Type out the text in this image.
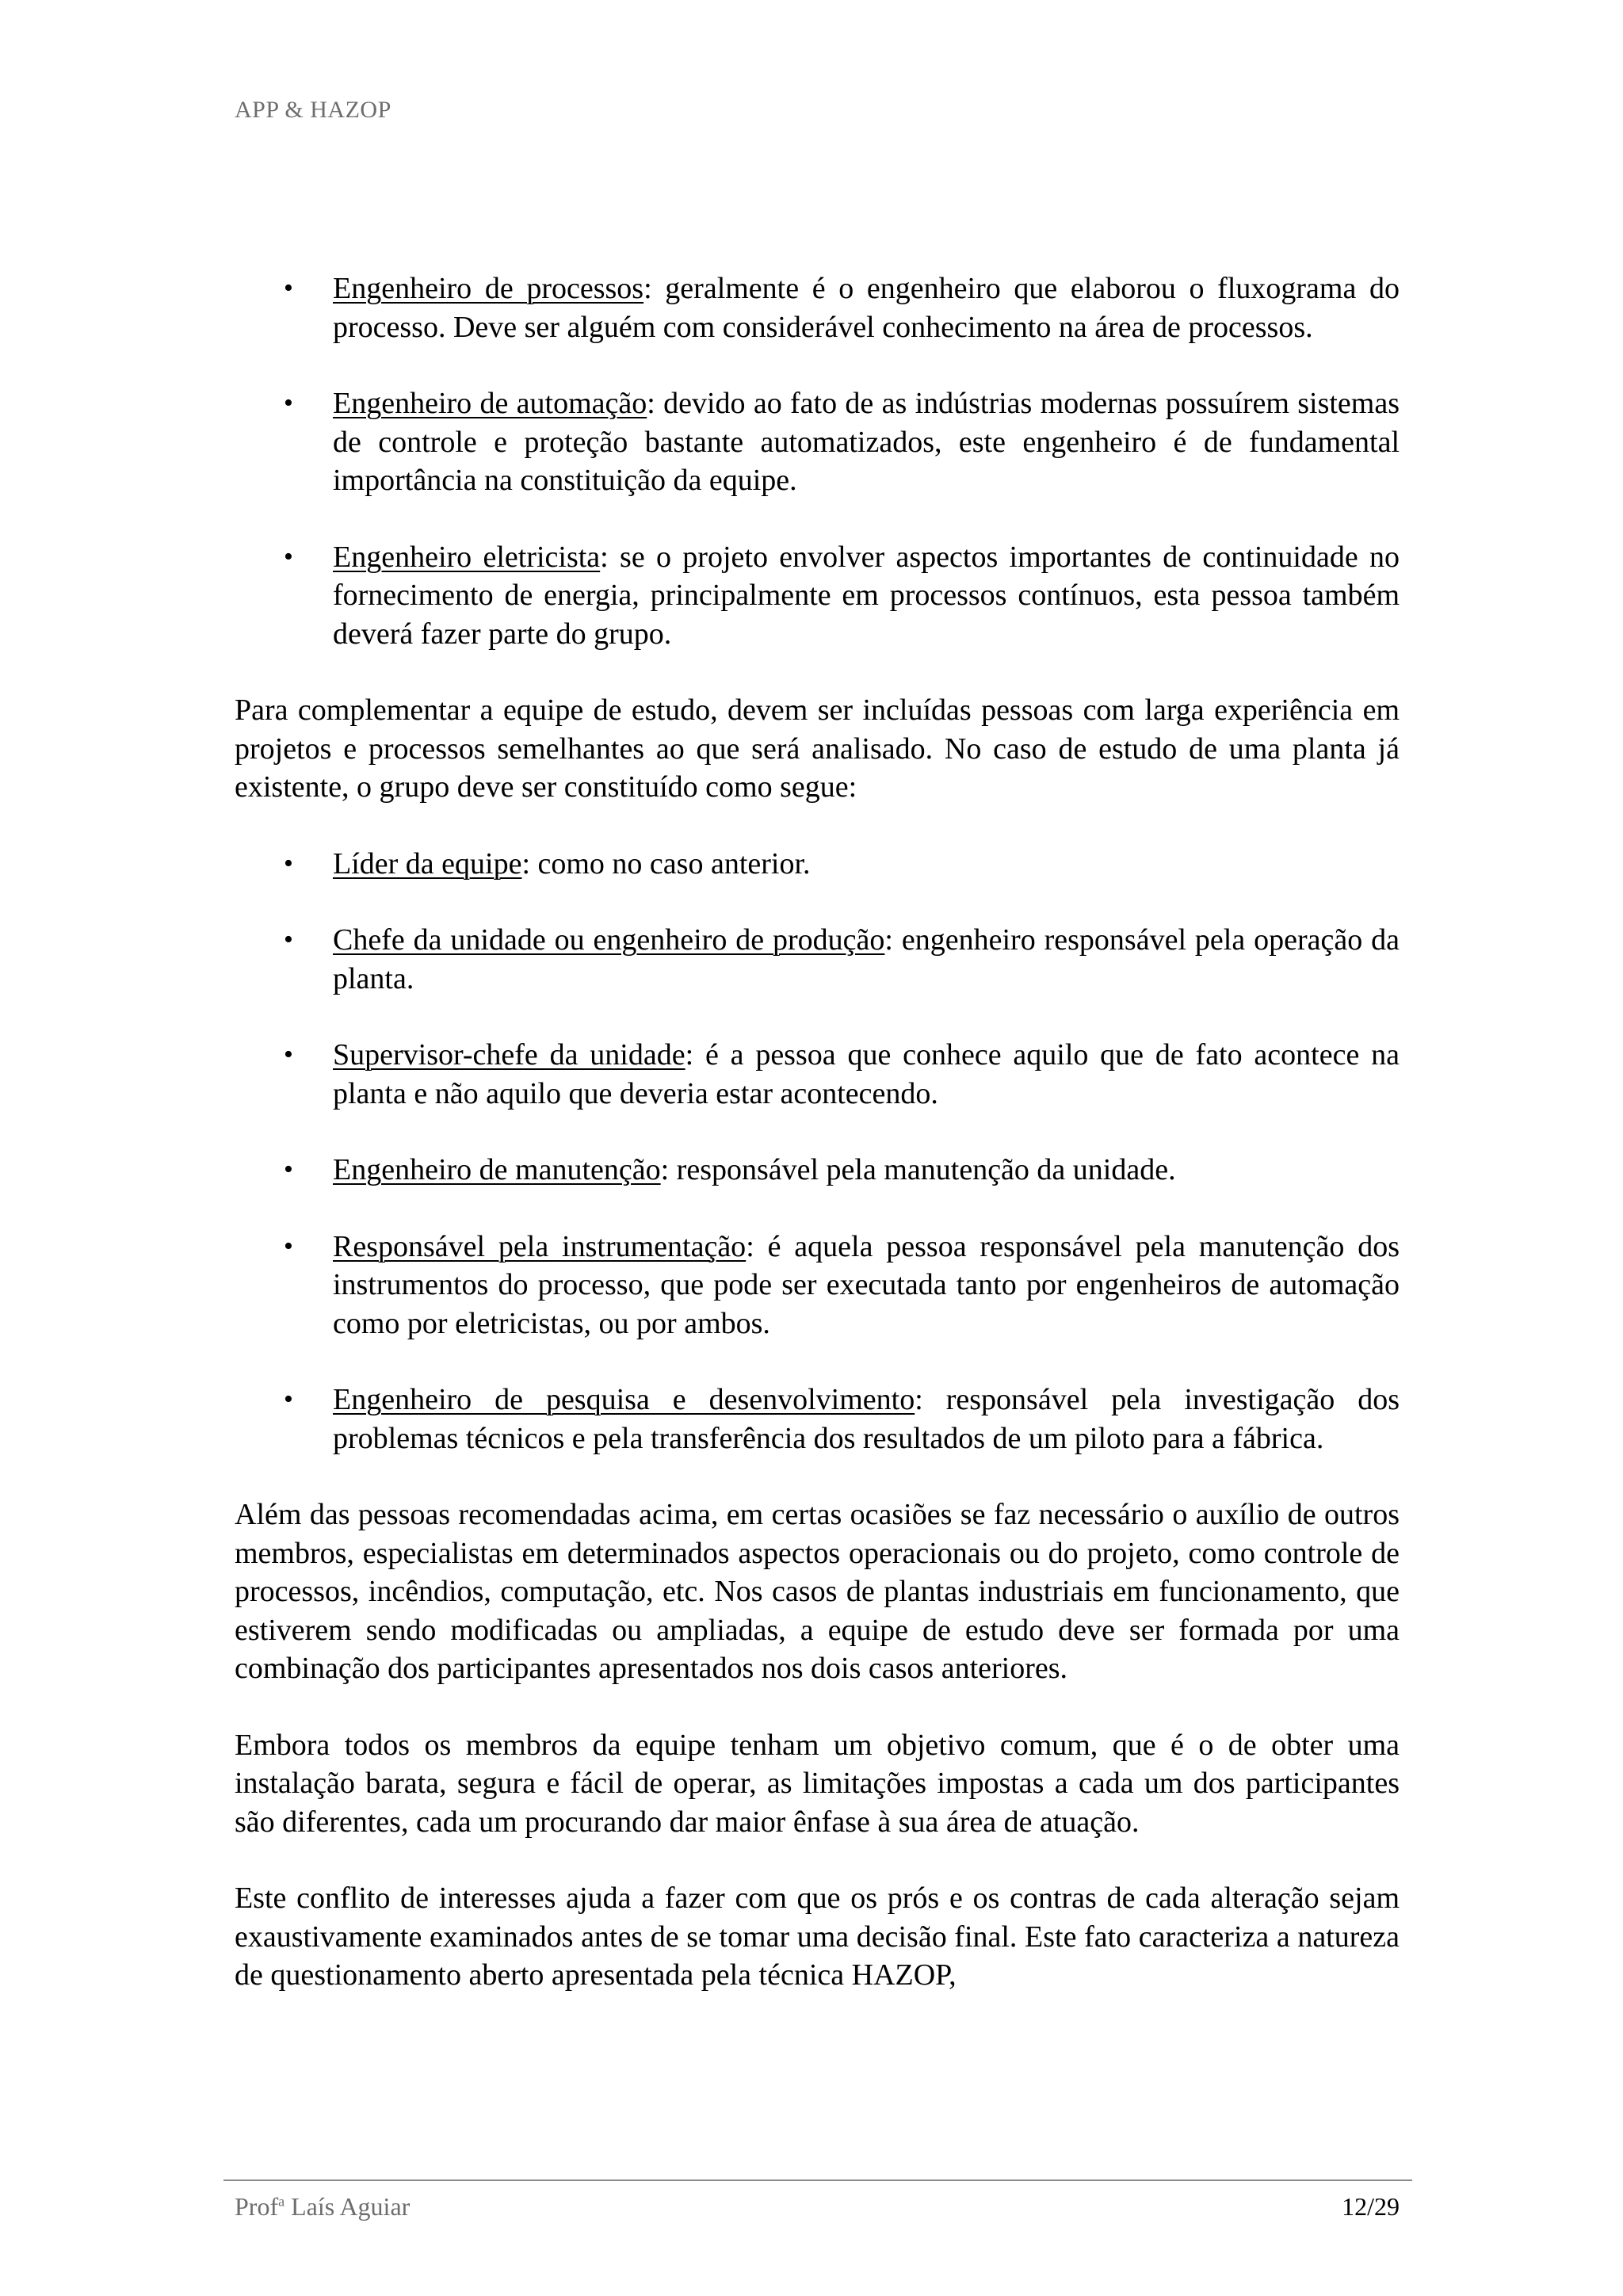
APP & HAZOP
• Engenheiro de processos: geralmente é o engenheiro que elaborou o fluxograma do processo. Deve ser alguém com considerável conhecimento na área de processos.
• Engenheiro de automação: devido ao fato de as indústrias modernas possuírem sistemas de controle e proteção bastante automatizados, este engenheiro é de fundamental importância na constituição da equipe.
• Engenheiro eletricista: se o projeto envolver aspectos importantes de continuidade no fornecimento de energia, principalmente em processos contínuos, esta pessoa também deverá fazer parte do grupo.

Para complementar a equipe de estudo, devem ser incluídas pessoas com larga experiência em projetos e processos semelhantes ao que será analisado. No caso de estudo de uma planta já existente, o grupo deve ser constituído como segue:

• Líder da equipe: como no caso anterior.
• Chefe da unidade ou engenheiro de produção: engenheiro responsável pela operação da planta.
• Supervisor-chefe da unidade: é a pessoa que conhece aquilo que de fato acontece na planta e não aquilo que deveria estar acontecendo.
• Engenheiro de manutenção: responsável pela manutenção da unidade.
• Responsável pela instrumentação: é aquela pessoa responsável pela manutenção dos instrumentos do processo, que pode ser executada tanto por engenheiros de automação como por eletricistas, ou por ambos.
• Engenheiro de pesquisa e desenvolvimento: responsável pela investigação dos problemas técnicos e pela transferência dos resultados de um piloto para a fábrica.

Além das pessoas recomendadas acima, em certas ocasiões se faz necessário o auxílio de outros membros, especialistas em determinados aspectos operacionais ou do projeto, como controle de processos, incêndios, computação, etc. Nos casos de plantas industriais em funcionamento, que estiverem sendo modificadas ou ampliadas, a equipe de estudo deve ser formada por uma combinação dos participantes apresentados nos dois casos anteriores.

Embora todos os membros da equipe tenham um objetivo comum, que é o de obter uma instalação barata, segura e fácil de operar, as limitações impostas a cada um dos participantes são diferentes, cada um procurando dar maior ênfase à sua área de atuação.

Este conflito de interesses ajuda a fazer com que os prós e os contras de cada alteração sejam exaustivamente examinados antes de se tomar uma decisão final. Este fato caracteriza a natureza de questionamento aberto apresentada pela técnica HAZOP,

Prof$^a$ Laís Aguiar	12/29
